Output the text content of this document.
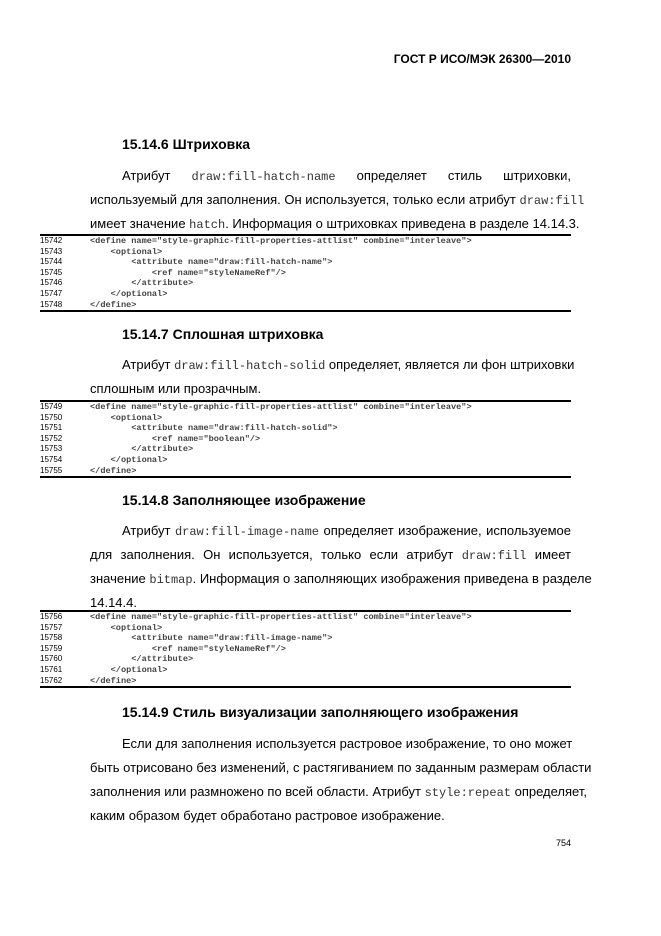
ГОСТ Р ИСО/МЭК 26300—2010
15.14.6 Штриховка
Атрибут draw:fill-hatch-name определяет стиль штриховки,
используемый для заполнения. Он используется, только если атрибут draw:fill
имеет значение hatch. Информация о штриховках приведена в разделе 14.14.3.
15742	<define name="style-graphic-fill-properties-attlist" combine="interleave">
15743	<optional>
15744	<attribute name="draw:fill-hatch-name">
15745	<ref name="styleNameRef"/>
15746	</attribute>
15747	</optional>
15748	</define>
15.14.7 Сплошная штриховка
Атрибут draw:fill-hatch-solid определяет, является ли фон штриховки
сплошным или прозрачным.
15749	<define name="style-graphic-fill-properties-attlist" combine="interleave">
15750	<optional>
15751	<attribute name="draw:fill-hatch-solid">
15752	<ref name="boolean"/>
15753	</attribute>
15754	</optional>
15755	</define>
15.14.8 Заполняющее изображение
Атрибут draw:fill-image-name определяет изображение, используемое
для заполнения. Он используется, только если атрибут draw:fill имеет
значение bitmap. Информация о заполняющих изображения приведена в разделе
14.14.4.
15756	<define name="style-graphic-fill-properties-attlist" combine="interleave">
15757	<optional>
15758	<attribute name="draw:fill-image-name">
15759	<ref name="styleNameRef"/>
15760	</attribute>
15761	</optional>
15762	</define>
15.14.9 Стиль визуализации заполняющего изображения
Если для заполнения используется растровое изображение, то оно может
быть отрисовано без изменений, с растягиванием по заданным размерам области
заполнения или размножено по всей области. Атрибут style:repeat определяет,
каким образом будет обработано растровое изображение.
754
